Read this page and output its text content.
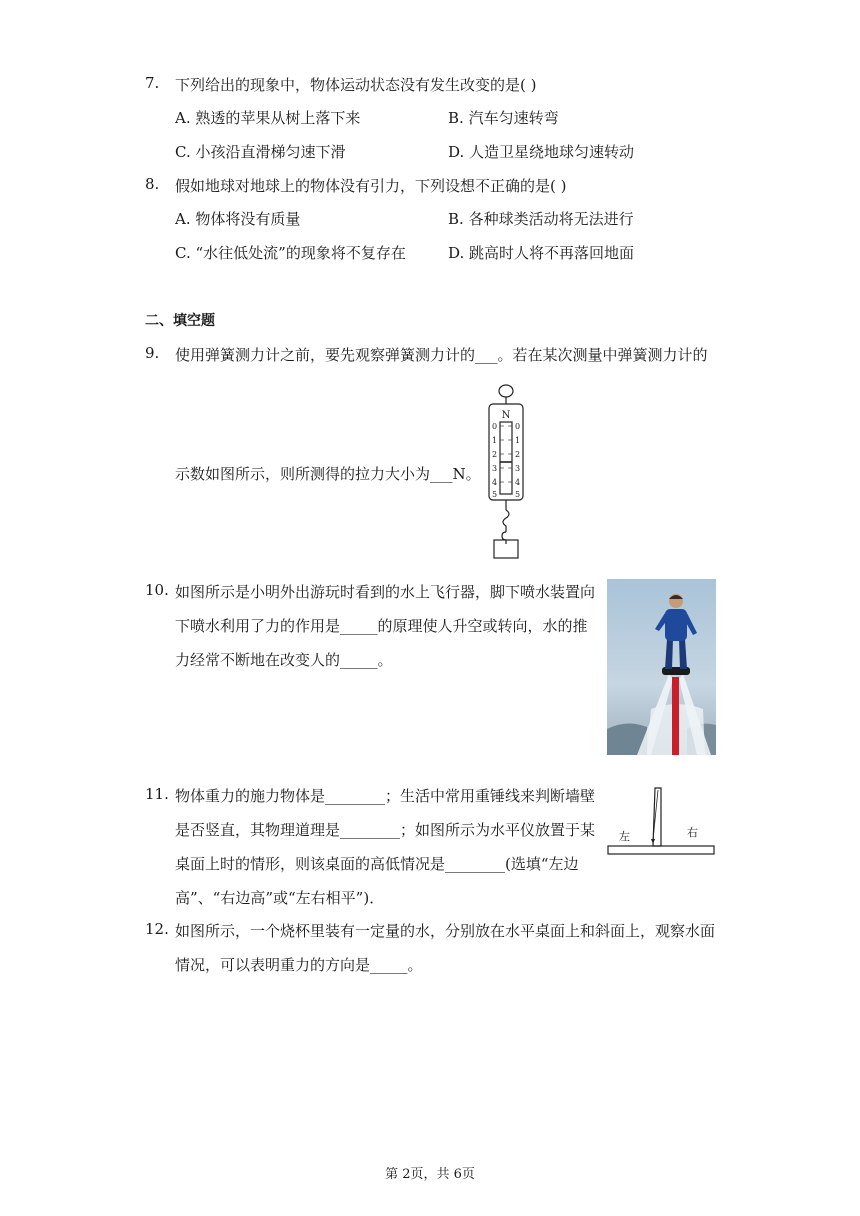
7. 下列给出的现象中，物体运动状态没有发生改变的是( )
A. 熟透的苹果从树上落下来	B. 汽车匀速转弯
C. 小孩沿直滑梯匀速下滑	D. 人造卫星绕地球匀速转动
8. 假如地球对地球上的物体没有引力，下列设想不正确的是( )
A. 物体将没有质量	B. 各种球类活动将无法进行
C. “水往低处流”的现象将不复存在	D. 跳高时人将不再落回地面
二、填空题
9. 使用弹簧测力计之前，要先观察弹簧测力计的___。若在某次测量中弹簧测力计的
示数如图所示，则所测得的拉力大小为___N。
N
0
1
2
3
4
5
0
1
2
3
4
5
10. 如图所示是小明外出游玩时看到的水上飞行器，脚下喷水装置向
下喷水利用了力的作用是_____的原理使人升空或转向，水的推
力经常不断地在改变人的_____。
11. 物体重力的施力物体是________；生活中常用重锤线来判断墙壁
是否竖直，其物理道理是________；如图所示为水平仪放置于某
桌面上时的情形，则该桌面的高低情况是________(选填“左边
高”、“右边高”或“左右相平”)．
左	右
12. 如图所示，一个烧杯里装有一定量的水，分别放在水平桌面上和斜面上，观察水面
情况，可以表明重力的方向是_____。
第 2页，共 6页
